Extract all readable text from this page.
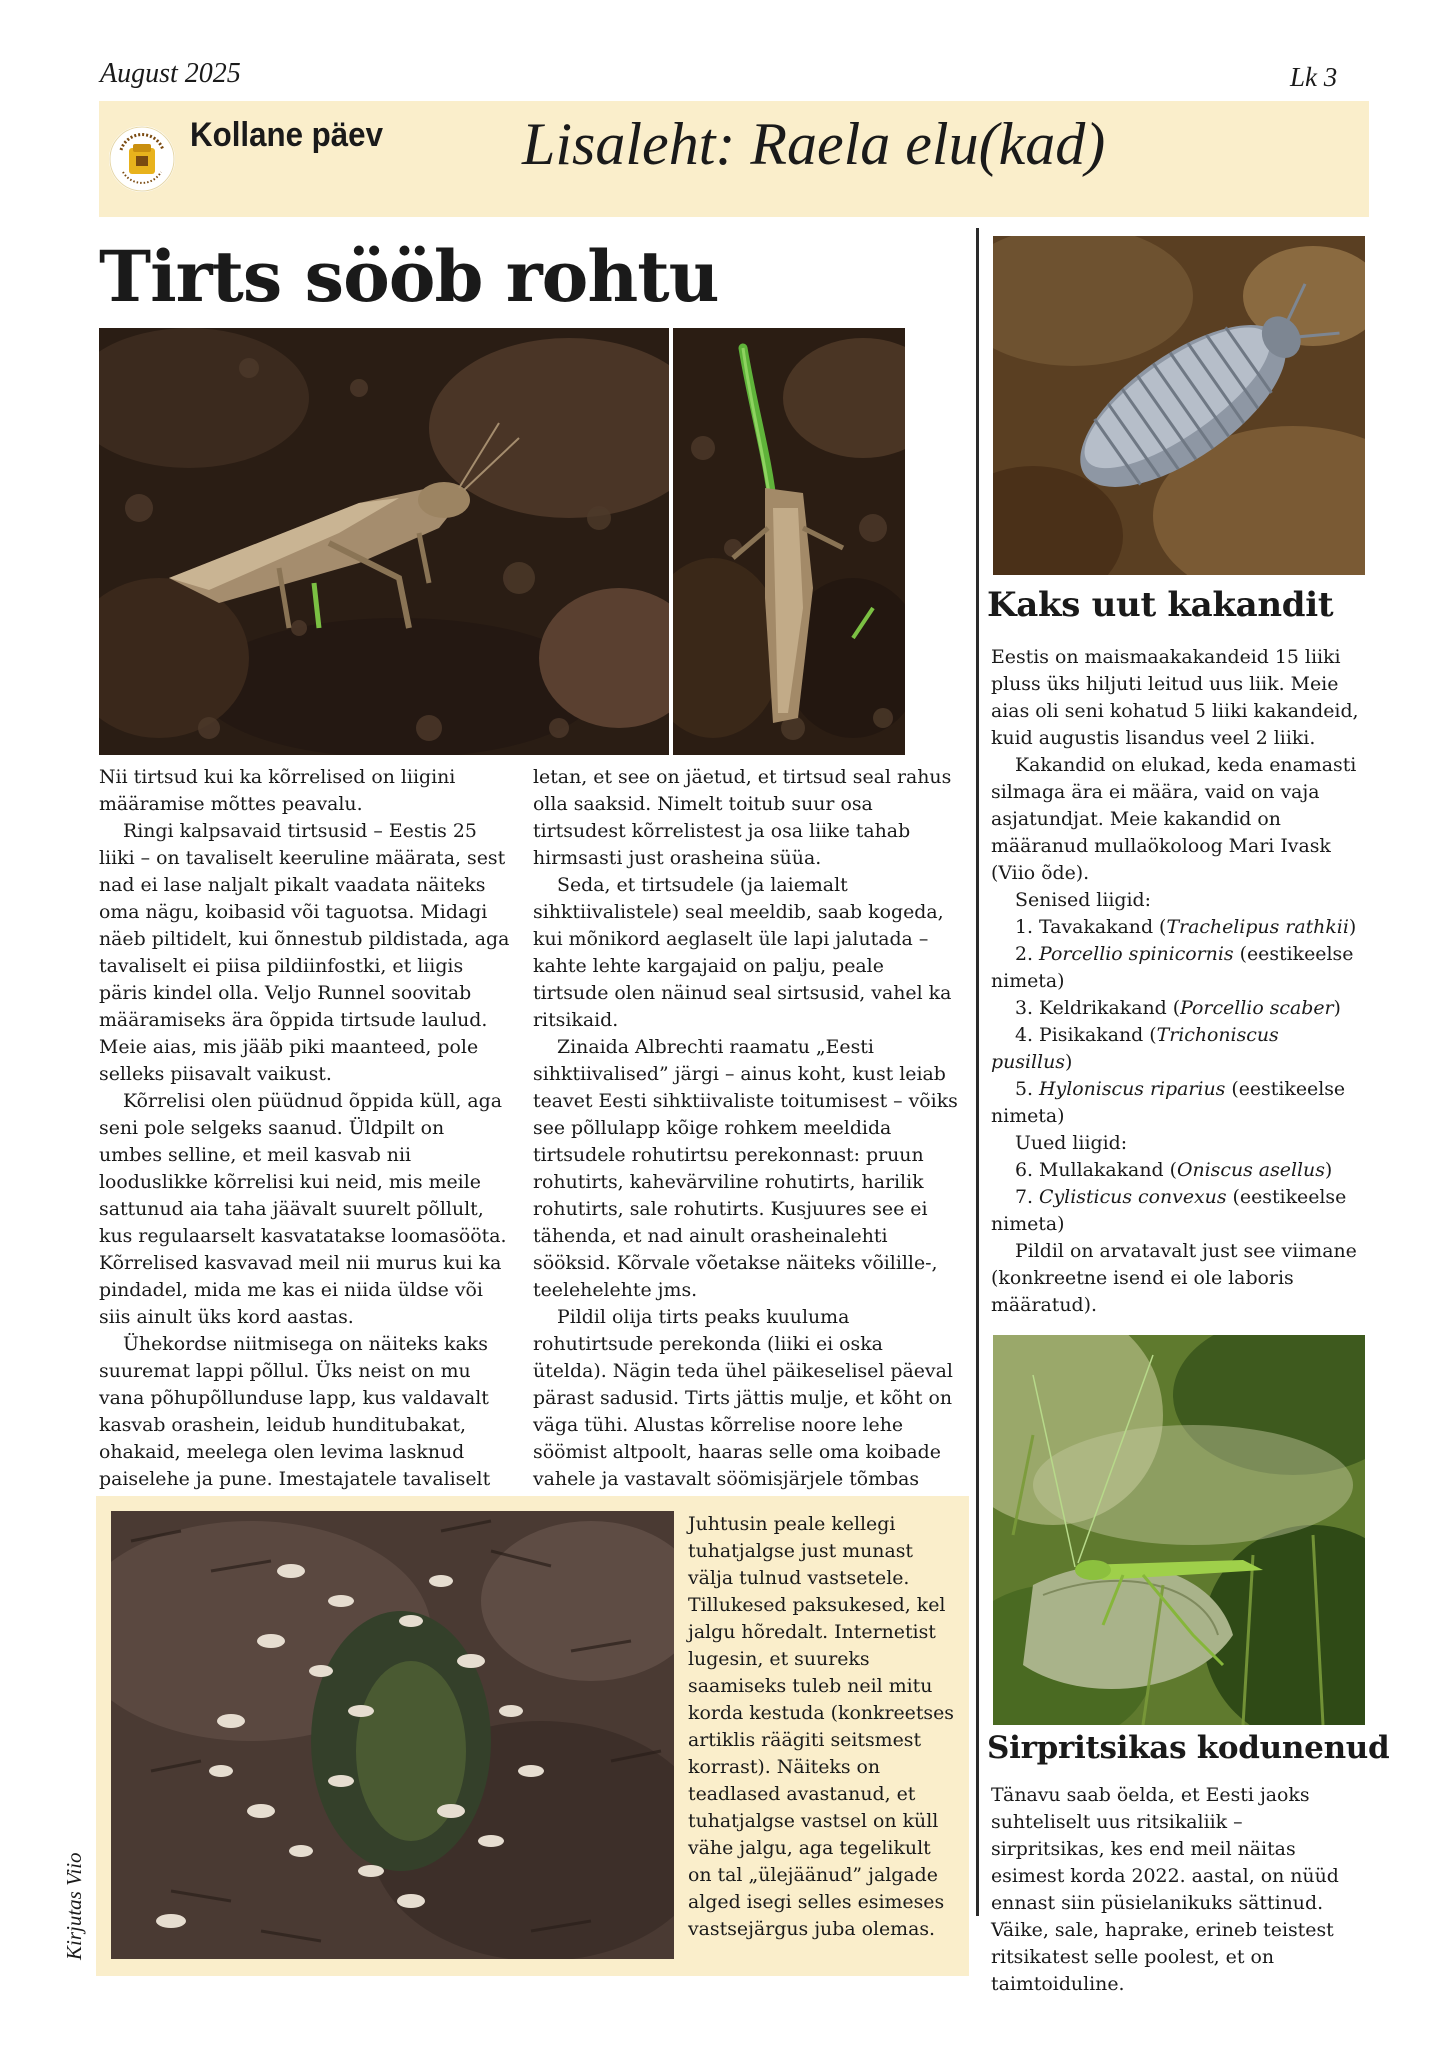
August 2025	Lk 3
Kollane päev Lisaleht: Raela elu(kad)
Tirts sööb rohtu

Nii tirtsud kui ka kõrrelised on liigini määramise mõttes peavalu.

Ringi kalpsavaid tirtsusid – Eestis 25 liiki – on tavaliselt keeruline määrata, sest nad ei lase naljalt pikalt vaadata näiteks oma nägu, koibasid või taguotsa. Midagi näeb piltidelt, kui õnnestub pildistada, aga tavaliselt ei piisa pildiinfostki, et liigis päris kindel olla. Veljo Runnel soovitab määramiseks ära õppida tirtsude laulud. Meie aias, mis jääb piki maanteed, pole selleks piisavalt vaikust.

Kõrrelisi olen püüdnud õppida küll, aga seni pole selgeks saanud. Üldpilt on umbes selline, et meil kasvab nii looduslikke kõrrelisi kui neid, mis meile sattunud aia taha jäävalt suurelt põllult, kus regulaarselt kasvatatakse loomasööta. Kõrrelised kasvavad meil nii murus kui ka pindadel, mida me kas ei niida üldse või siis ainult üks kord aastas.

Ühekordse niitmisega on näiteks kaks suuremat lappi põllul. Üks neist on mu vana põhupõllunduse lapp, kus valdavalt kasvab orashein, leidub hunditubakat, ohakaid, meelega olen levima lasknud paiselehe ja pune. Imestajatele tavaliselt

letan, et see on jäetud, et tirtsud seal rahus olla saaksid. Nimelt toitub suur osa tirtsudest kõrrelistest ja osa liike tahab hirmsasti just orasheina süüa.

Seda, et tirtsudele (ja laiemalt sihktiivalistele) seal meeldib, saab kogeda, kui mõnikord aeglaselt üle lapi jalutada – kahte lehte kargajaid on palju, peale tirtsude olen näinud seal sirtsusid, vahel ka ritsikaid.

Zinaida Albrechti raamatu „Eesti sihktiivalised” järgi – ainus koht, kust leiab teavet Eesti sihktiivaliste toitumisest – võiks see põllulapp kõige rohkem meeldida tirtsudele rohutirtsu perekonnast: pruun rohutirts, kahevärviline rohutirts, harilik rohutirts, sale rohutirts. Kusjuures see ei tähenda, et nad ainult orasheinalehti sööksid. Kõrvale võetakse näiteks võilille-, teelehelehte jms.

Pildil olija tirts peaks kuuluma rohutirtsude perekonda (liiki ei oska ütelda). Nägin teda ühel päikeselisel päeval pärast sadusid. Tirts jättis mulje, et kõht on väga tühi. Alustas kõrrelise noore lehe söömist altpoolt, haaras selle oma koibade vahele ja vastavalt söömisjärjele tõmbas

Juhtusin peale kellegi tuhatjalgse just munast välja tulnud vastsetele. Tillukesed paksukesed, kel jalgu hõredalt. Internetist lugesin, et suureks saamiseks tuleb neil mitu korda kestuda (konkreetses artiklis räägiti seitsmest korrast). Näiteks on teadlased avastanud, et tuhatjalgse vastsel on küll vähe jalgu, aga tegelikult on tal „ülejäänud” jalgade alged isegi selles esimeses vastsejärgus juba olemas.

Kaks uut kakandit

Eestis on maismaakakandeid 15 liiki pluss üks hiljuti leitud uus liik. Meie aias oli seni kohatud 5 liiki kakandeid, kuid augustis lisandus veel 2 liiki.

Kakandid on elukad, keda enamasti silmaga ära ei määra, vaid on vaja asjatundjat. Meie kakandid on määranud mullaökoloog Mari Ivask (Viio õde).

Senised liigid:

1. Tavakakand (Trachelipus rathkii)

2. Porcellio spinicornis (eestikeelse nimeta)

3. Keldrikakand (Porcellio scaber)

4. Pisikakand (Trichoniscus pusillus)

5. Hyloniscus riparius (eestikeelse nimeta)

Uued liigid:

6. Mullakakand (Oniscus asellus)

7. Cylisticus convexus (eestikeelse nimeta)

Pildil on arvatavalt just see viimane (konkreetne isend ei ole laboris määratud).

Sirpritsikas kodunenud

Tänavu saab öelda, et Eesti jaoks suhteliselt uus ritsikaliik – sirpritsikas, kes end meil näitas esimest korda 2022. aastal, on nüüd ennast siin püsielanikuks sättinud. Väike, sale, haprake, erineb teistest ritsikatest selle poolest, et on taimtoiduline.

Kirjutas Viio
